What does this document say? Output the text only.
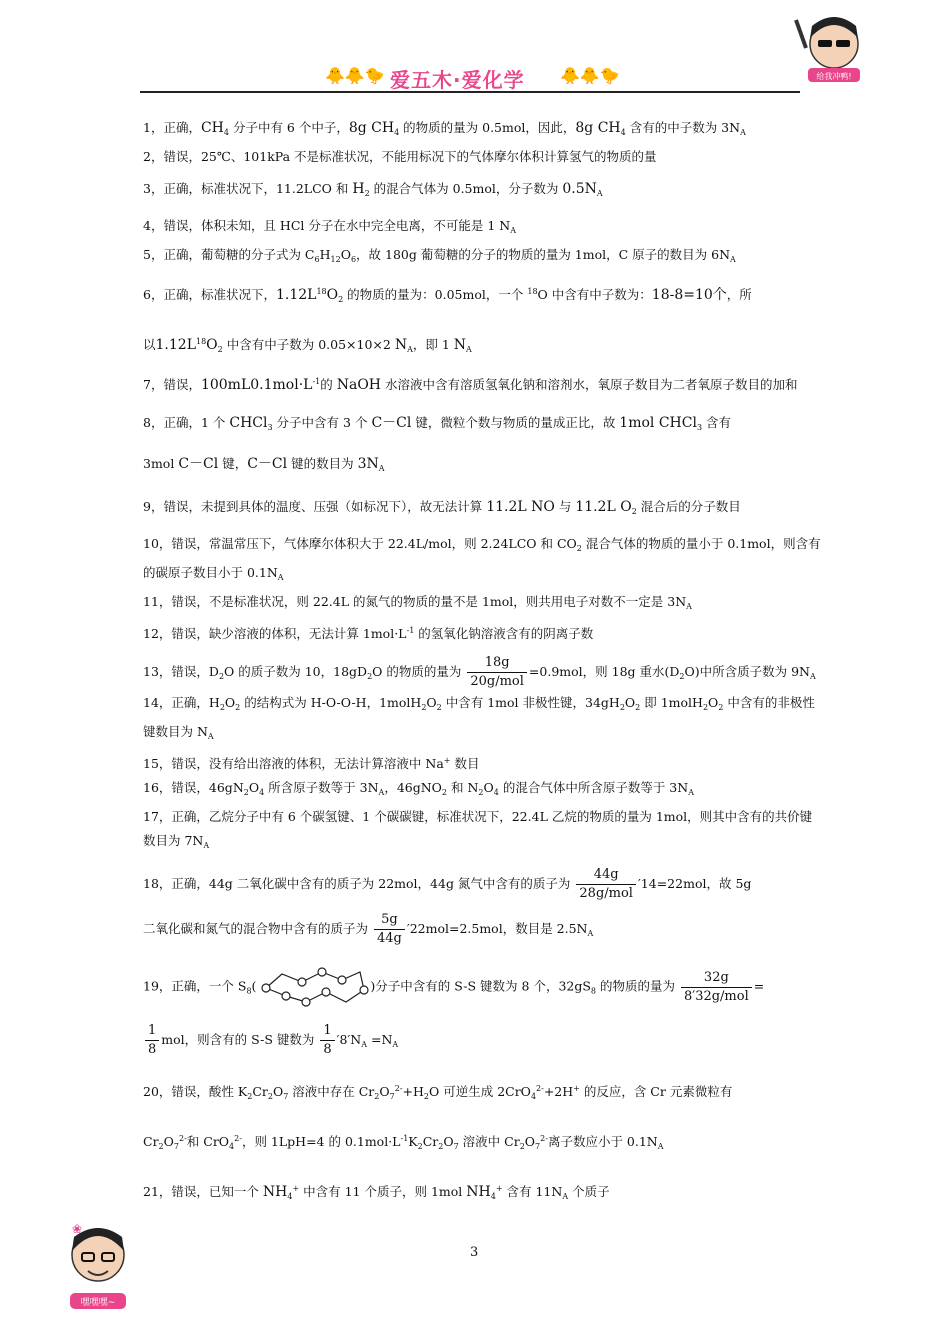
🐥🐥🐤 爱五木·爱化学 🐥🐥🐤	给我冲鸭!

1，正确，$CH_4$ 分子中有 6 个中子，8g $CH_4$ 的物质的量为 0.5mol，因此，8g $CH_4$ 含有的中子数为 $3N_A$

2，错误，25℃、101kPa 不是标准状况，不能用标况下的气体摩尔体积计算氢气的物质的量

3，正确，标准状况下，11.2LCO 和 $H_2$ 的混合气体为 0.5mol，分子数为 $0.5N_A$

4，错误，体积未知，且 HCl 分子在水中完全电离，不可能是 1 $N_A$

5，正确，葡萄糖的分子式为 $C_6H_{12}O_6$，故 180g 葡萄糖的分子的物质的量为 1mol，C 原子的数目为 $6N_A$

6，正确，标准状况下，$1.12L^{18}O_2$ 的物质的量为：0.05mol，一个 $^{18}$O 中含有中子数为：18-8=10个，所

以$1.12L^{18}O_2$ 中含有中子数为 0.05×10×2 $N_A$，即 1 $N_A$

7，错误，$100mL0.1mol\cdot L^{-1}$的 NaOH 水溶液中含有溶质氢氧化钠和溶剂水，氧原子数目为二者氧原子数目的加和

8，正确，1 个 CHCl$_3$ 分子中含有 3 个 C－Cl 键，微粒个数与物质的量成正比，故 1mol CHCl$_3$ 含有

3mol C－Cl 键，C－Cl 键的数目为 $3N_A$

9，错误，未提到具体的温度、压强（如标况下），故无法计算 11.2L NO 与 11.2L $O_2$ 混合后的分子数目

10，错误，常温常压下，气体摩尔体积大于 22.4L/mol，则 2.24LCO 和 $CO_2$ 混合气体的物质的量小于 0.1mol，则含有的碳原子数目小于 $0.1N_A$

11，错误，不是标准状况，则 22.4L 的氮气的物质的量不是 1mol，则共用电子对数不一定是 $3N_A$

12，错误，缺少溶液的体积，无法计算 $1mol\cdot L^{-1}$ 的氢氧化钠溶液含有的阴离子数

13，错误，$D_2O$ 的质子数为 10，$18gD_2O$ 的物质的量为 $\frac{18g}{\text{20g/mol}} =0.9mol$，则 18g 重水$(D_2O)$中所含质子数为 $9N_A$

14，正确，$H_2O_2$ 的结构式为 H-O-O-H，$1molH_2O_2$ 中含有 1mol 非极性键，$34gH_2O_2$ 即 $1molH_2O_2$ 中含有的非极性键数目为 $N_A$

15，错误，没有给出溶液的体积，无法计算溶液中 Na+ 数目

16，错误，$46gN_2O_4$ 所含原子数等于 $3N_A$，46gNO$_2$ 和 $N_2O_4$ 的混合气体中所含原子数等于 $3N_A$

17，正确，乙烷分子中有 6 个碳氢键、1 个碳碳键，标准状况下，22.4L 乙烷的物质的量为 1mol，则其中含有的共价键数目为 $7N_A$

18，正确，44g 二氧化碳中含有的质子为 22mol，44g 氮气中含有的质子为 $\frac{44g}{\text{28g/mol}} '14=22mol$，故 5g

二氧化碳和氮气的混合物中含有的质子为 $\frac{5g}{44g} '22mol=2.5mol$，数目是 $2.5N_A$

19，正确，一个 $S_8$(	)分子中含有的 S-S 键数为 8 个，$32gS_8$ 的物质的量为 $\frac{32g}{\text{8′32g/mol}}$ =

$\frac{1}{8}$ mol，则含有的 S-S 键数为 $\frac{1}{8} '8'N_A =N_A$

20，错误，酸性 $K_2Cr_2O_7$ 溶液中存在 $Cr_2O_7^{2-}+H_2O$ 可逆生成 2CrO$_4^{2-}$+2H+ 的反应，含 Cr 元素微粒有

$Cr_2O_7^{2-}$和 CrO$_4^{2-}$，则 1LpH=4 的 $0.1mol\cdot L^{-1}K_2Cr_2O_7$ 溶液中 $Cr_2O_7^{2-}$离子数应小于 $0.1N_A$

21，错误，已知一个 $NH_4^+$ 中含有 11 个质子，则 1mol $NH_4^+$ 含有 $11N_A$ 个质子

3
❀
嘿嘿嘿~
